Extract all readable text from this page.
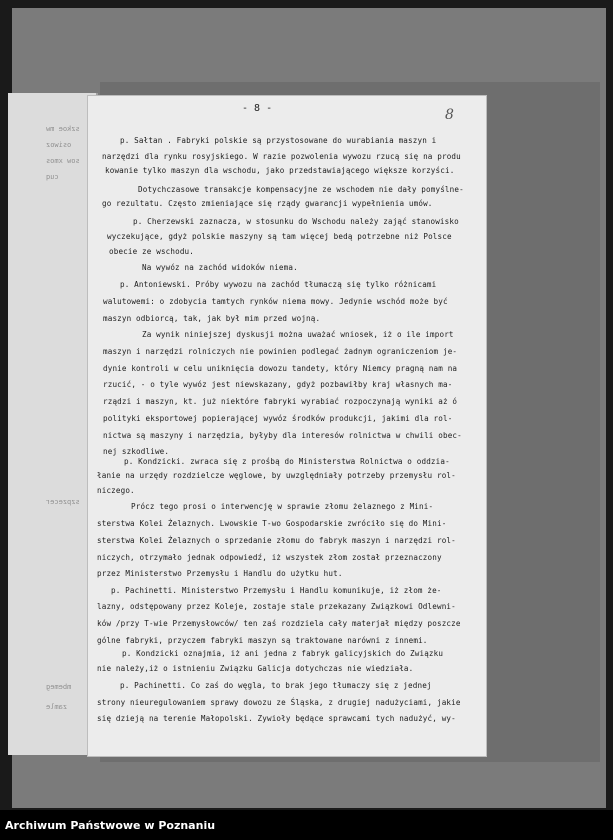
szkoe mw
osiwoz
sow xmos
cuq
szpzecer
mbemeg
zamle
- 8 -	8
p. Sałtan . Fabryki polskie są przystosowane do wurabiania maszyn i
narzędzi dla rynku rosyjskiego. W razie pozwolenia wywozu rzucą się na produ
kowanie tylko maszyn dla wschodu, jako przedstawiającego większe korzyści.
Dotychczasowe transakcje kompensacyjne ze wschodem nie dały pomyślne-
go rezultatu. Często zmieniające się rządy gwarancji wypełnienia umów.
p. Cherzewski zaznacza, w stosunku do Wschodu należy zająć stanowisko
wyczekujące, gdyż polskie maszyny są tam więcej bedą potrzebne niż Polsce
obecie ze wschodu.
Na wywóz na zachód widoków niema.
p. Antoniewski. Próby wywozu na zachód tłumaczą się tylko różnicami
walutowemi: o zdobycia tamtych rynków niema mowy. Jedynie wschód może być
maszyn odbiorcą, tak, jak był mim przed wojną.
Za wynik niniejszej dyskusji można uważać wniosek, iż o ile import
maszyn i narzędzi rolniczych nie powinien podlegać żadnym ograniczeniom je-
dynie kontroli w celu uniknięcia dowozu tandety, który Niemcy pragną nam na
rzucić, - o tyle wywóz jest niewskazany, gdyż pozbawiłby kraj własnych ma-
rządzi i maszyn, kt. już niektóre fabryki wyrabiać rozpoczynają wyniki aż ó
polityki eksportowej popierającej wywóz środków produkcji, jakimi dla rol-
nictwa są maszyny i narzędzia, byłyby dla interesów rolnictwa w chwili obec-
nej szkodliwe.
p. Kondzicki. zwraca się z prośbą do Ministerstwa Rolnictwa o oddzia-
łanie na urzędy rozdzielcze węglowe, by uwzględniały potrzeby przemysłu rol-
niczego.
Prócz tego prosi o interwencję w sprawie złomu żelaznego z Mini-
sterstwa Kolei Żelaznych. Lwowskie T-wo Gospodarskie zwróciło się do Mini-
sterstwa Kolei Żelaznych o sprzedanie złomu do fabryk maszyn i narzędzi rol-
niczych, otrzymało jednak odpowiedź, iż wszystek złom został przeznaczony
przez Ministerstwo Przemysłu i Handlu do użytku hut.
p. Pachinetti. Ministerstwo Przemysłu i Handlu komunikuje, iż złom że-
lazny, odstępowany przez Koleje, zostaje stale przekazany Związkowi Odlewni-
ków /przy T-wie Przemysłowców/ ten zaś rozdziela cały materjał między poszcze
gólne fabryki, przyczem fabryki maszyn są traktowane narówni z innemi.
p. Kondzicki oznajmia, iż ani jedna z fabryk galicyjskich do Związku
nie należy,iż o istnieniu Związku Galicja dotychczas nie wiedziała.
p. Pachinetti. Co zaś do węgla, to brak jego tłumaczy się z jednej
strony nieuregulowaniem sprawy dowozu ze Śląska, z drugiej nadużyciami, jakie
się dzieją na terenie Małopolski. Zywioły będące sprawcami tych nadużyć, wy-
Archiwum Państwowe w Poznaniu
